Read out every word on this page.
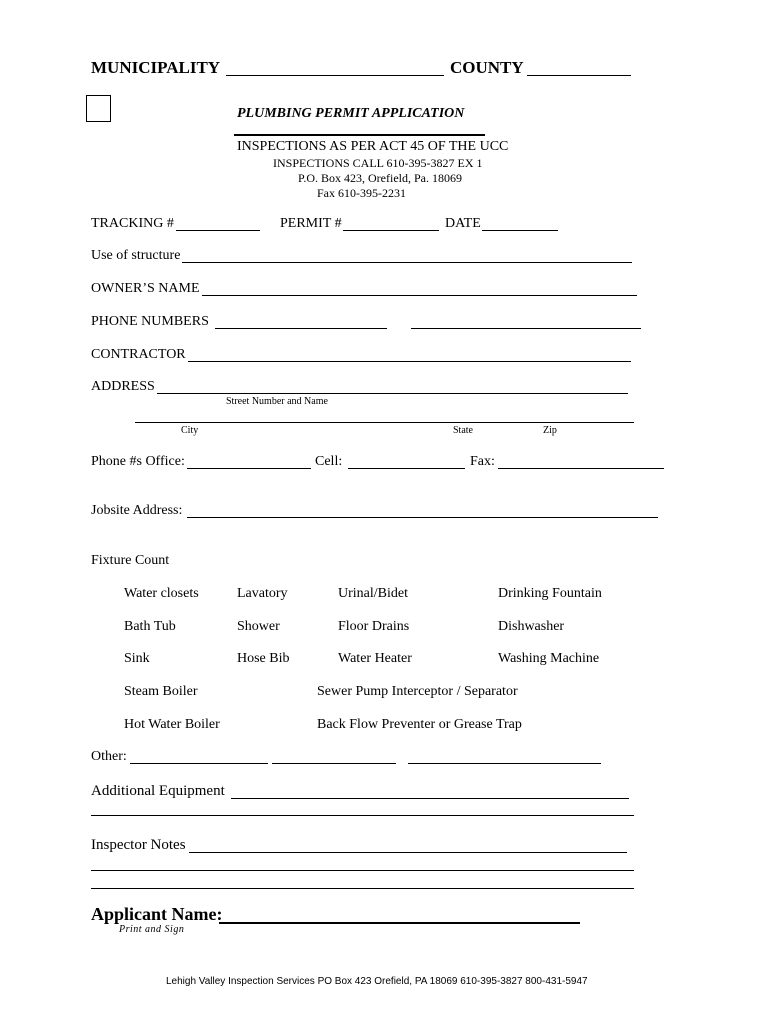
MUNICIPALITY	COUNTY
PLUMBING PERMIT APPLICATION
INSPECTIONS AS PER ACT 45 OF THE UCC
INSPECTIONS CALL 610-395-3827 EX 1
P.O. Box 423, Orefield, Pa. 18069
Fax 610-395-2231
TRACKING #	PERMIT #	DATE
Use of structure
OWNER’S NAME
PHONE NUMBERS
CONTRACTOR
ADDRESS
Street Number and Name
City	State	Zip
Phone #s Office:	Cell:	Fax:
Jobsite Address:
Fixture Count
Water closets	Lavatory	Urinal/Bidet	Drinking Fountain
Bath Tub	Shower	Floor Drains	Dishwasher
Sink	Hose Bib	Water Heater	Washing Machine
Steam Boiler	Sewer Pump Interceptor / Separator
Hot Water Boiler	Back Flow Preventer or Grease Trap
Other:
Additional Equipment
Inspector Notes
Applicant Name:
Print and Sign
Lehigh Valley Inspection Services PO Box 423 Orefield, PA 18069 610-395-3827 800-431-5947
